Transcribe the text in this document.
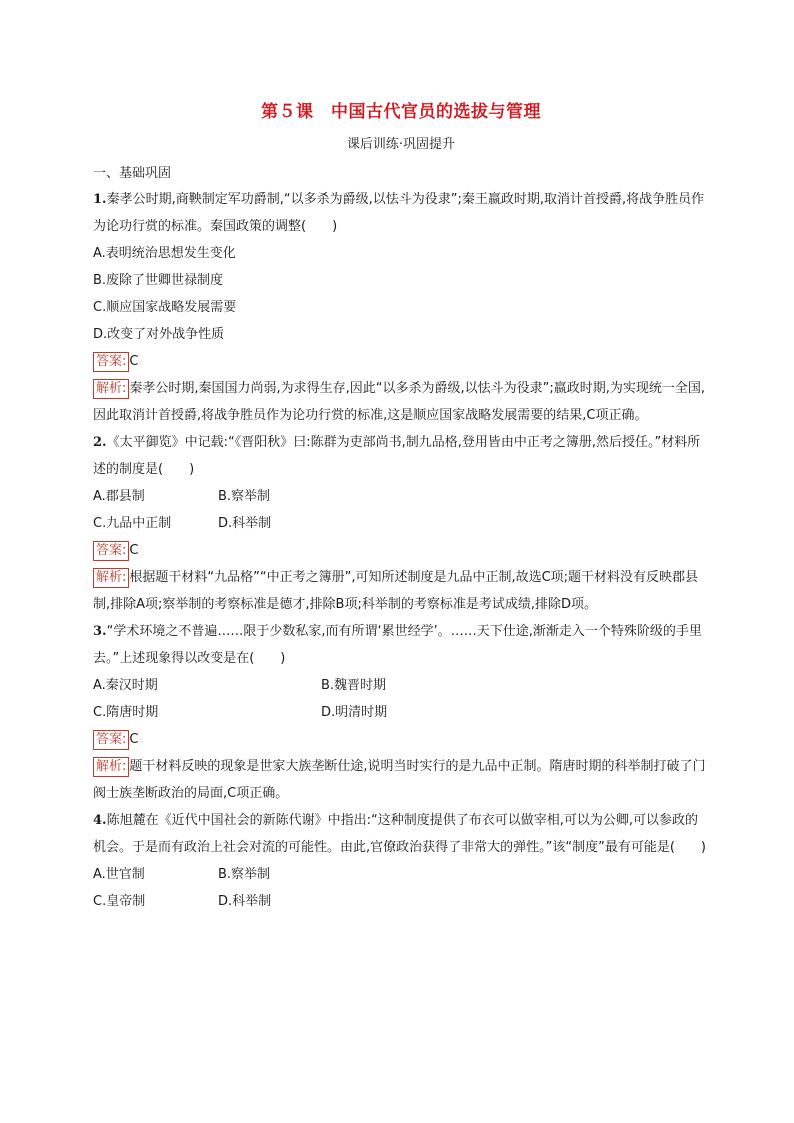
第５课　中国古代官员的选拔与管理
课后训练·巩固提升
一、基础巩固

1.秦孝公时期,商鞅制定军功爵制,“以多杀为爵级,以怯斗为役隶”;秦王嬴政时期,取消计首授爵,将战争胜员作为论功行赏的标准。秦国政策的调整(　　)

A.表明统治思想发生变化

B.废除了世卿世禄制度

C.顺应国家战略发展需要

D.改变了对外战争性质

答案: C

解析: 秦孝公时期,秦国国力尚弱,为求得生存,因此“以多杀为爵级,以怯斗为役隶”;嬴政时期,为实现统一全国,因此取消计首授爵,将战争胜员作为论功行赏的标准,这是顺应国家战略发展需要的结果,C项正确。

2.《太平御览》中记载:“《晋阳秋》曰:陈群为吏部尚书,制九品格,登用皆由中正考之簿册,然后授任。”材料所述的制度是(　　)

A.郡县制	B.察举制
C.九品中正制	D.科举制

答案: C

解析: 根据题干材料“九品格”“中正考之簿册”,可知所述制度是九品中正制,故选C项;题干材料没有反映郡县制,排除A项;察举制的考察标准是德才,排除B项;科举制的考察标准是考试成绩,排除D项。

3.“学术环境之不普遍……限于少数私家,而有所谓‘累世经学’。……天下仕途,渐渐走入一个特殊阶级的手里去。”上述现象得以改变是在(　　)

A.秦汉时期	B.魏晋时期
C.隋唐时期	D.明清时期

答案: C

解析: 题干材料反映的现象是世家大族垄断仕途,说明当时实行的是九品中正制。隋唐时期的科举制打破了门阀士族垄断政治的局面,C项正确。

4.陈旭麓在《近代中国社会的新陈代谢》中指出:“这种制度提供了布衣可以做宰相,可以为公卿,可以参政的机会。于是而有政治上社会对流的可能性。由此,官僚政治获得了非常大的弹性。”该“制度”最有可能是(　　)

A.世官制	B.察举制
C.皇帝制	D.科举制
